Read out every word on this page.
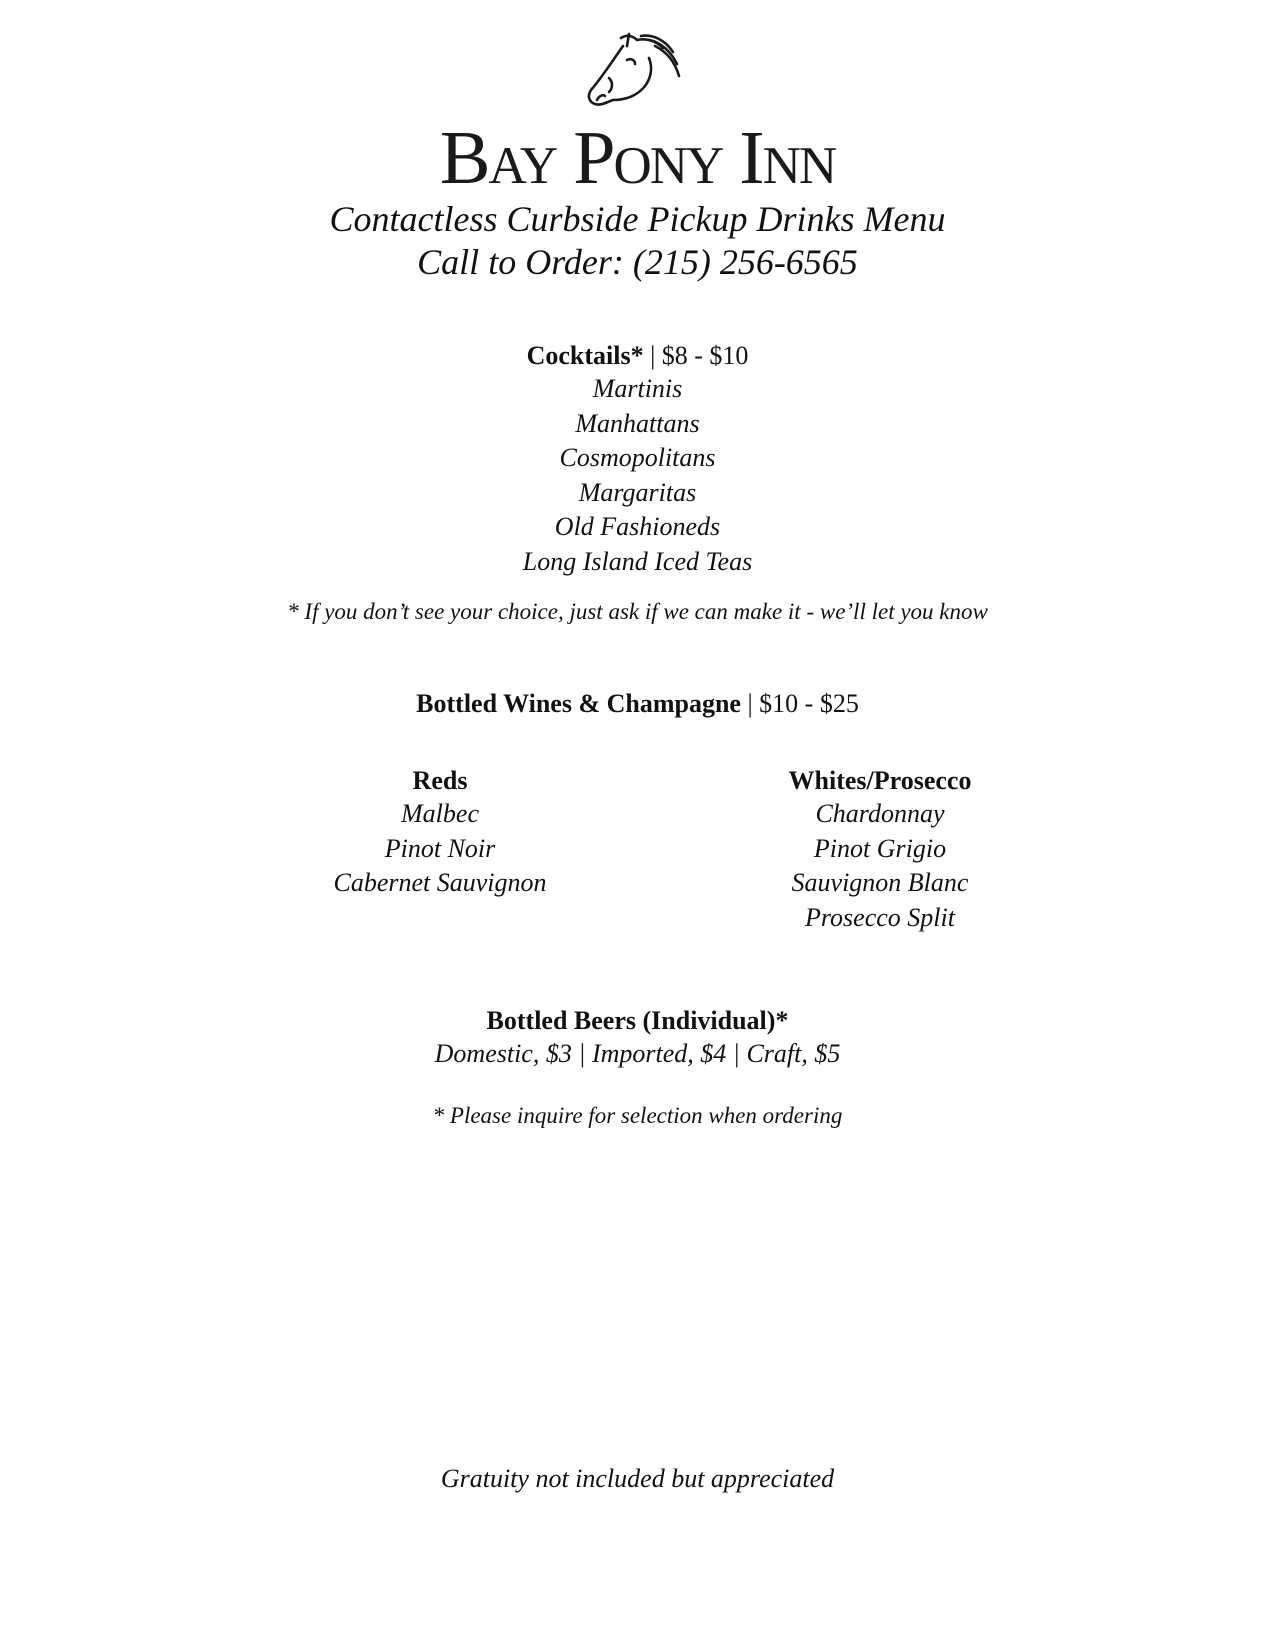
Bay Pony Inn
Contactless Curbside Pickup Drinks Menu
Call to Order: (215) 256-6565
Cocktails* | $8 - $10
Martinis
Manhattans
Cosmopolitans
Margaritas
Old Fashioneds
Long Island Iced Teas
* If you don’t see your choice, just ask if we can make it - we’ll let you know
Bottled Wines & Champagne | $10 - $25
Reds
Malbec
Pinot Noir
Cabernet Sauvignon
Whites/Prosecco
Chardonnay
Pinot Grigio
Sauvignon Blanc
Prosecco Split
Bottled Beers (Individual)*
Domestic, $3 | Imported, $4 | Craft, $5
* Please inquire for selection when ordering
Gratuity not included but appreciated
